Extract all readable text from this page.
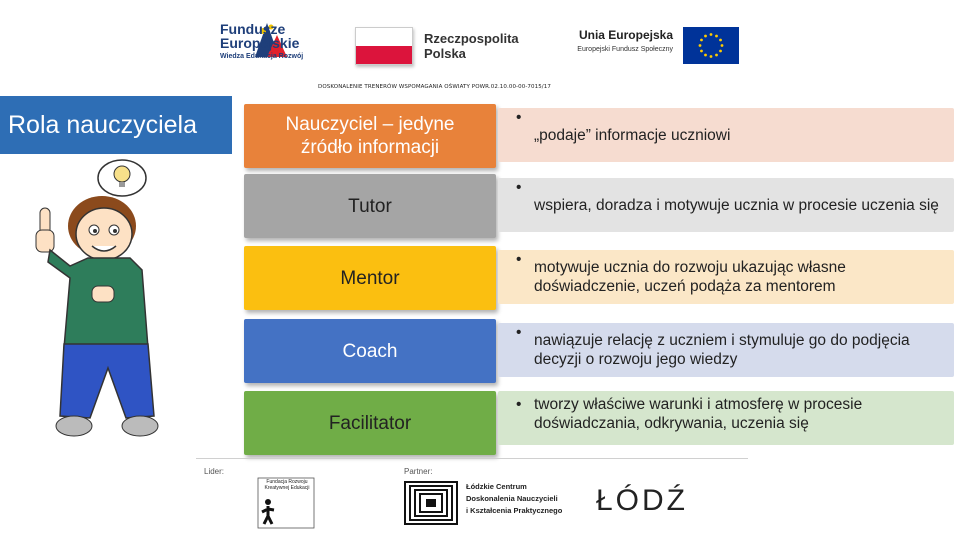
Fundusze
Europejskie
Wiedza Edukacja Rozwój
Rzeczpospolita
Polska
Unia Europejska
Europejski Fundusz Społeczny
DOSKONALENIE TRENERÓW WSPOMAGANIA OŚWIATY POWR.02.10.00-00-7015/17
Rola nauczyciela	Nauczyciel – jedyne źródło informacji
•
„podaje” informacje uczniowi
Tutor
•
wspiera, doradza i motywuje ucznia w procesie uczenia się
Mentor
• motywuje ucznia do rozwoju ukazując własne doświadczenie, uczeń podąża za mentorem
Coach
• nawiązuje relację z uczniem i stymuluje go do podjęcia decyzji o rozwoju jego wiedzy
Facilitator
• tworzy właściwe warunki i atmosferę w procesie doświadczania, odkrywania, uczenia się
Lider:	Partner:
Fundacja Rozwoju Kreatywnej Edukacji	Łódzkie Centrum
Doskonalenia Nauczycieli
i Kształcenia Praktycznego ŁÓDŹ
